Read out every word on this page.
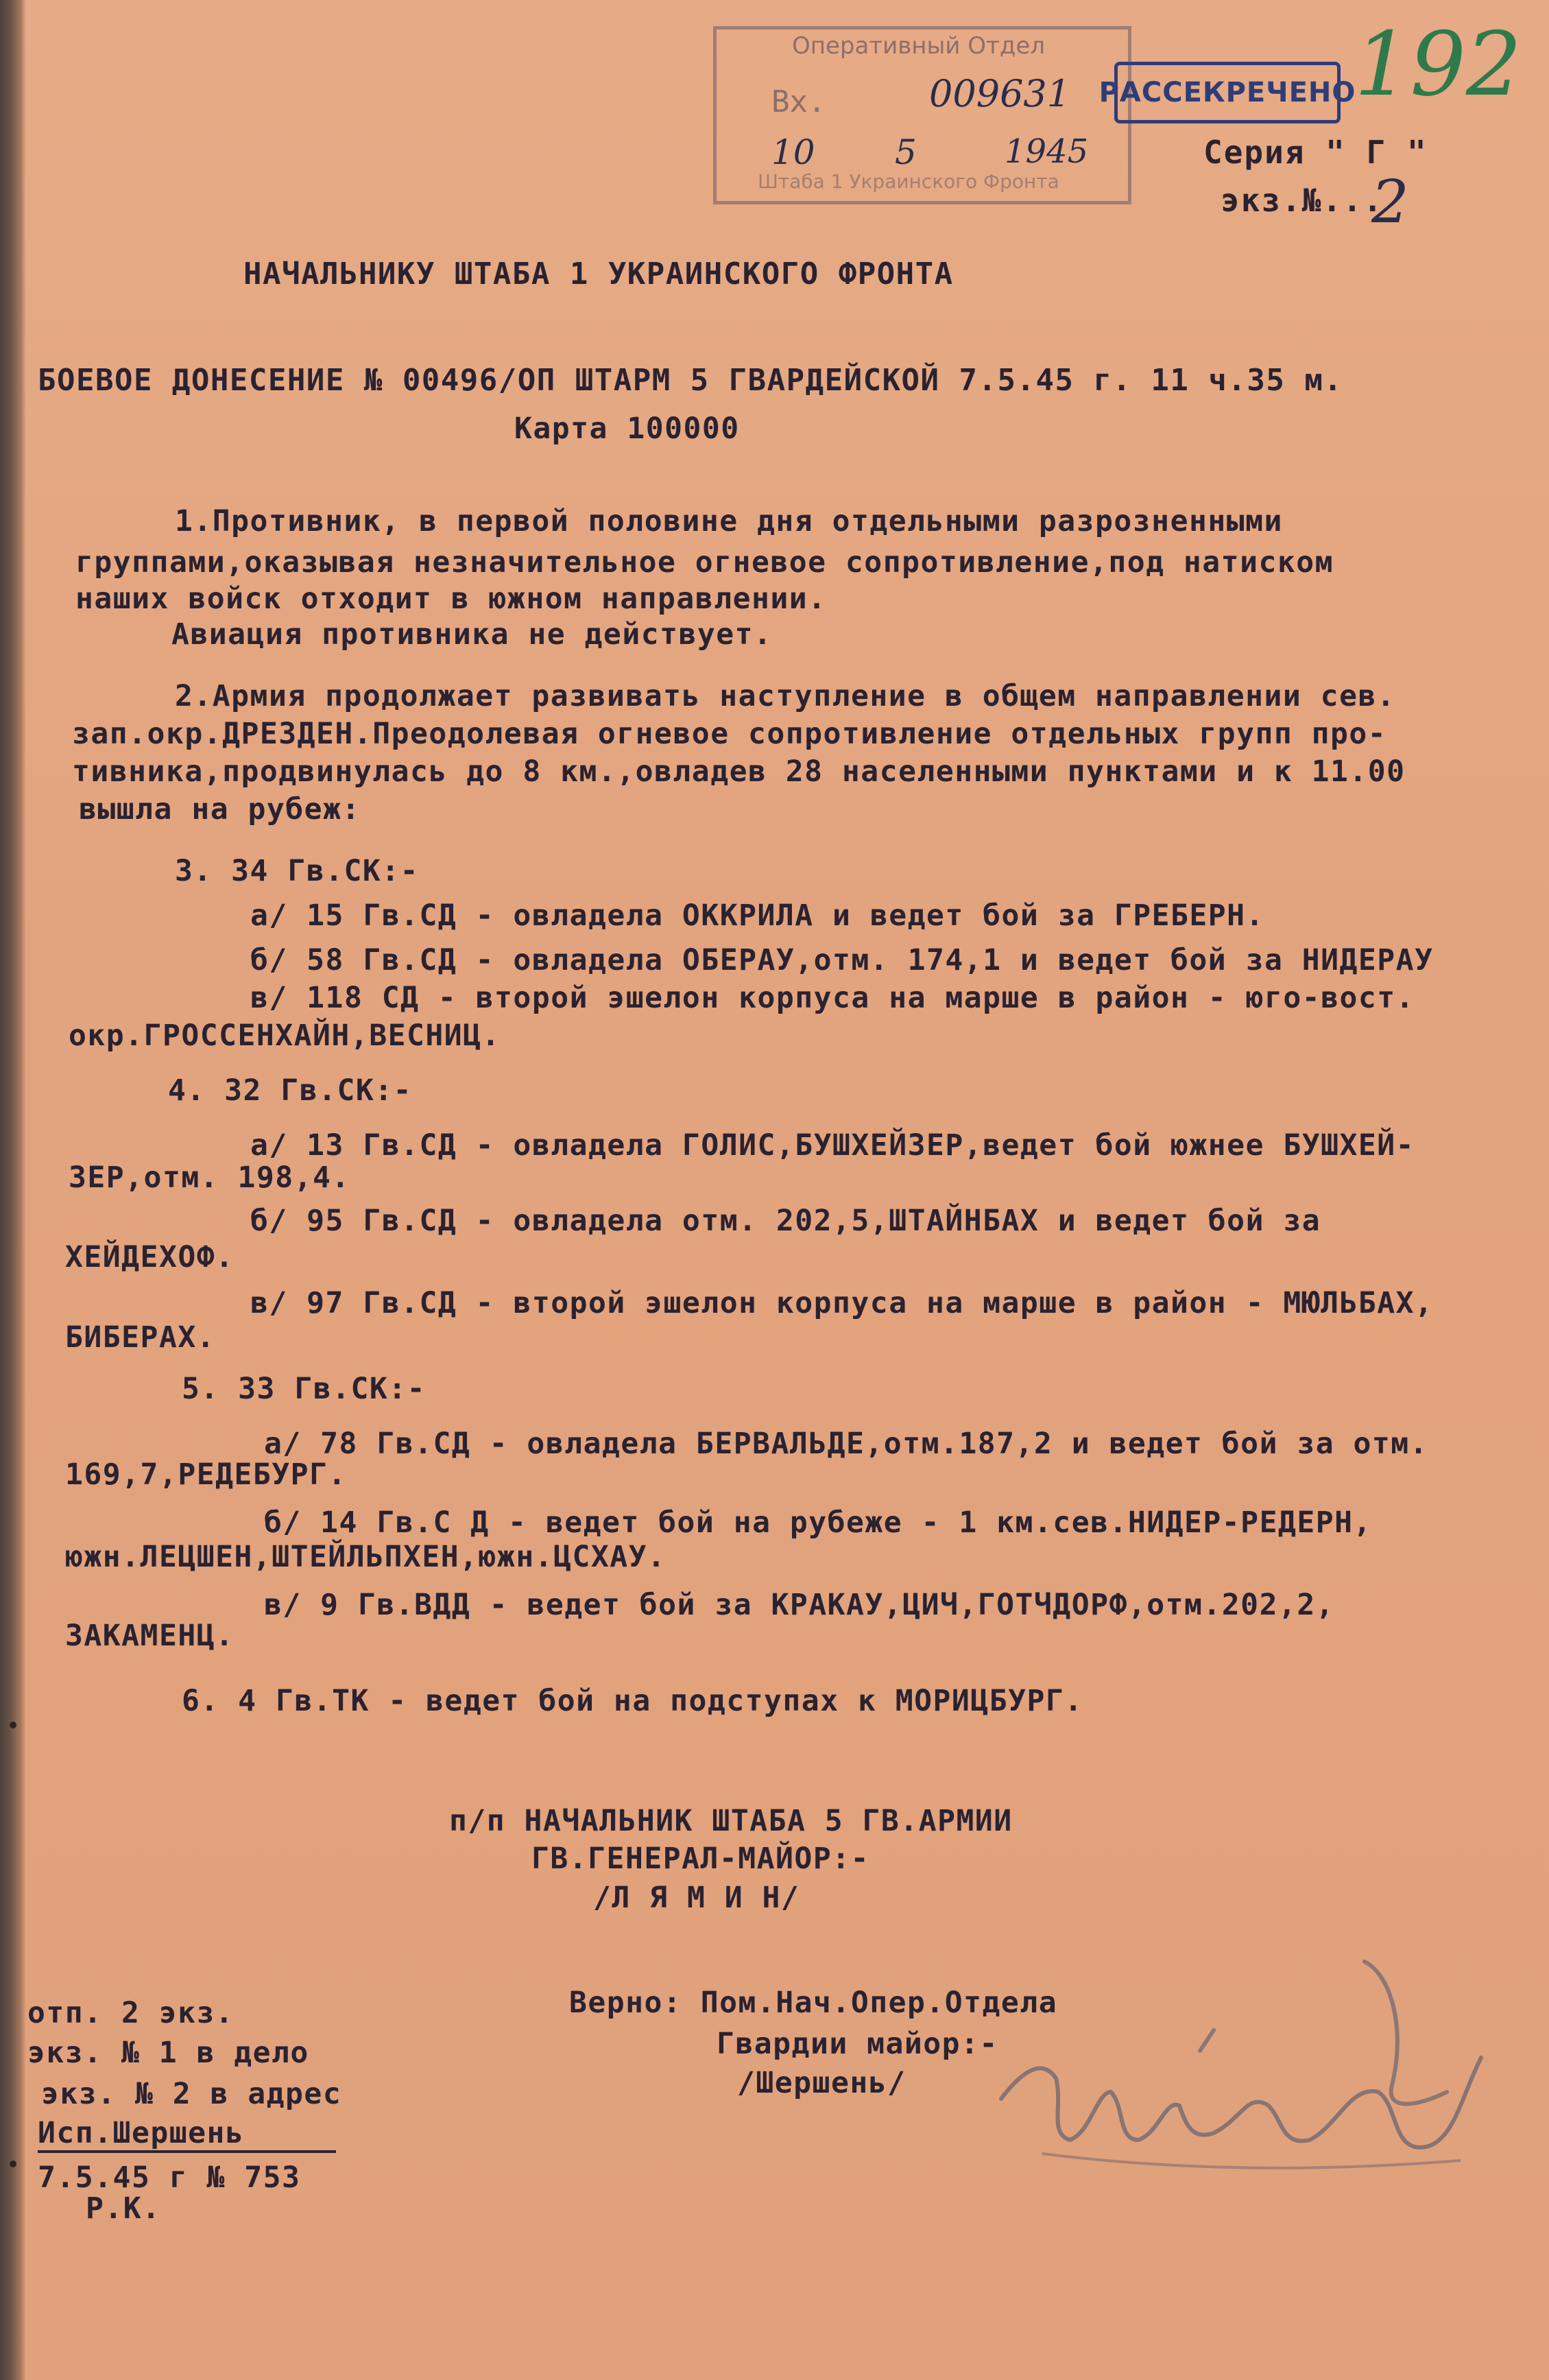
Оперативный Отдел
Вх.	009631
10 5	1945
Штаба 1 Украинского Фронта
РАССЕКРЕЧЕНО
192
Серия " Г "
экз.№...
2
НАЧАЛЬНИКУ ШТАБА 1 УКРАИНСКОГО ФРОНТА
БОЕВОЕ ДОНЕСЕНИЕ № 00496/ОП ШТАРМ 5 ГВАРДЕЙСКОЙ 7.5.45 г. 11 ч.35 м.
Карта 100000
1.Противник, в первой половине дня отдельными разрозненными
группами,оказывая незначительное огневое сопротивление,под натиском
наших войск отходит в южном направлении.
Авиация противника не действует.
2.Армия продолжает развивать наступление в общем направлении сев.
зап.окр.ДРЕЗДЕН.Преодолевая огневое сопротивление отдельных групп про-
тивника,продвинулась до 8 км.,овладев 28 населенными пунктами и к 11.00
вышла на рубеж:
3. 34 Гв.СК:-
а/ 15 Гв.СД - овладела ОККРИЛА и ведет бой за ГРЕБЕРН.
б/ 58 Гв.СД - овладела ОБЕРАУ,отм. 174,1 и ведет бой за НИДЕРАУ
в/ 118 СД - второй эшелон корпуса на марше в район - юго-вост.
окр.ГРОССЕНХАЙН,ВЕСНИЦ.
4. 32 Гв.СК:-
а/ 13 Гв.СД - овладела ГОЛИС,БУШХЕЙЗЕР,ведет бой южнее БУШХЕЙ-
ЗЕР,отм. 198,4.
б/ 95 Гв.СД - овладела отм. 202,5,ШТАЙНБАХ и ведет бой за
ХЕЙДЕХОФ.
в/ 97 Гв.СД - второй эшелон корпуса на марше в район - МЮЛЬБАХ,
БИБЕРАХ.
5. 33 Гв.СК:-
а/ 78 Гв.СД - овладела БЕРВАЛЬДЕ,отм.187,2 и ведет бой за отм.
169,7,РЕДЕБУРГ.
б/ 14 Гв.С Д - ведет бой на рубеже - 1 км.сев.НИДЕР-РЕДЕРН,
южн.ЛЕЦШЕН,ШТЕЙЛЬПХЕН,южн.ЦСХАУ.
в/ 9 Гв.ВДД - ведет бой за КРАКАУ,ЦИЧ,ГОТЧДОРФ,отм.202,2,
ЗАКАМЕНЦ.
6. 4 Гв.ТК - ведет бой на подступах к МОРИЦБУРГ.
п/п НАЧАЛЬНИК ШТАБА 5 ГВ.АРМИИ
ГВ.ГЕНЕРАЛ-МАЙОР:-
/Л Я М И Н/
Верно: Пом.Нач.Опер.Отдела
Гвардии майор:-
/Шершень/
отп. 2 экз.
экз. № 1 в дело
экз. № 2 в адрес
Исп.Шершень
7.5.45 г № 753
Р.К.
